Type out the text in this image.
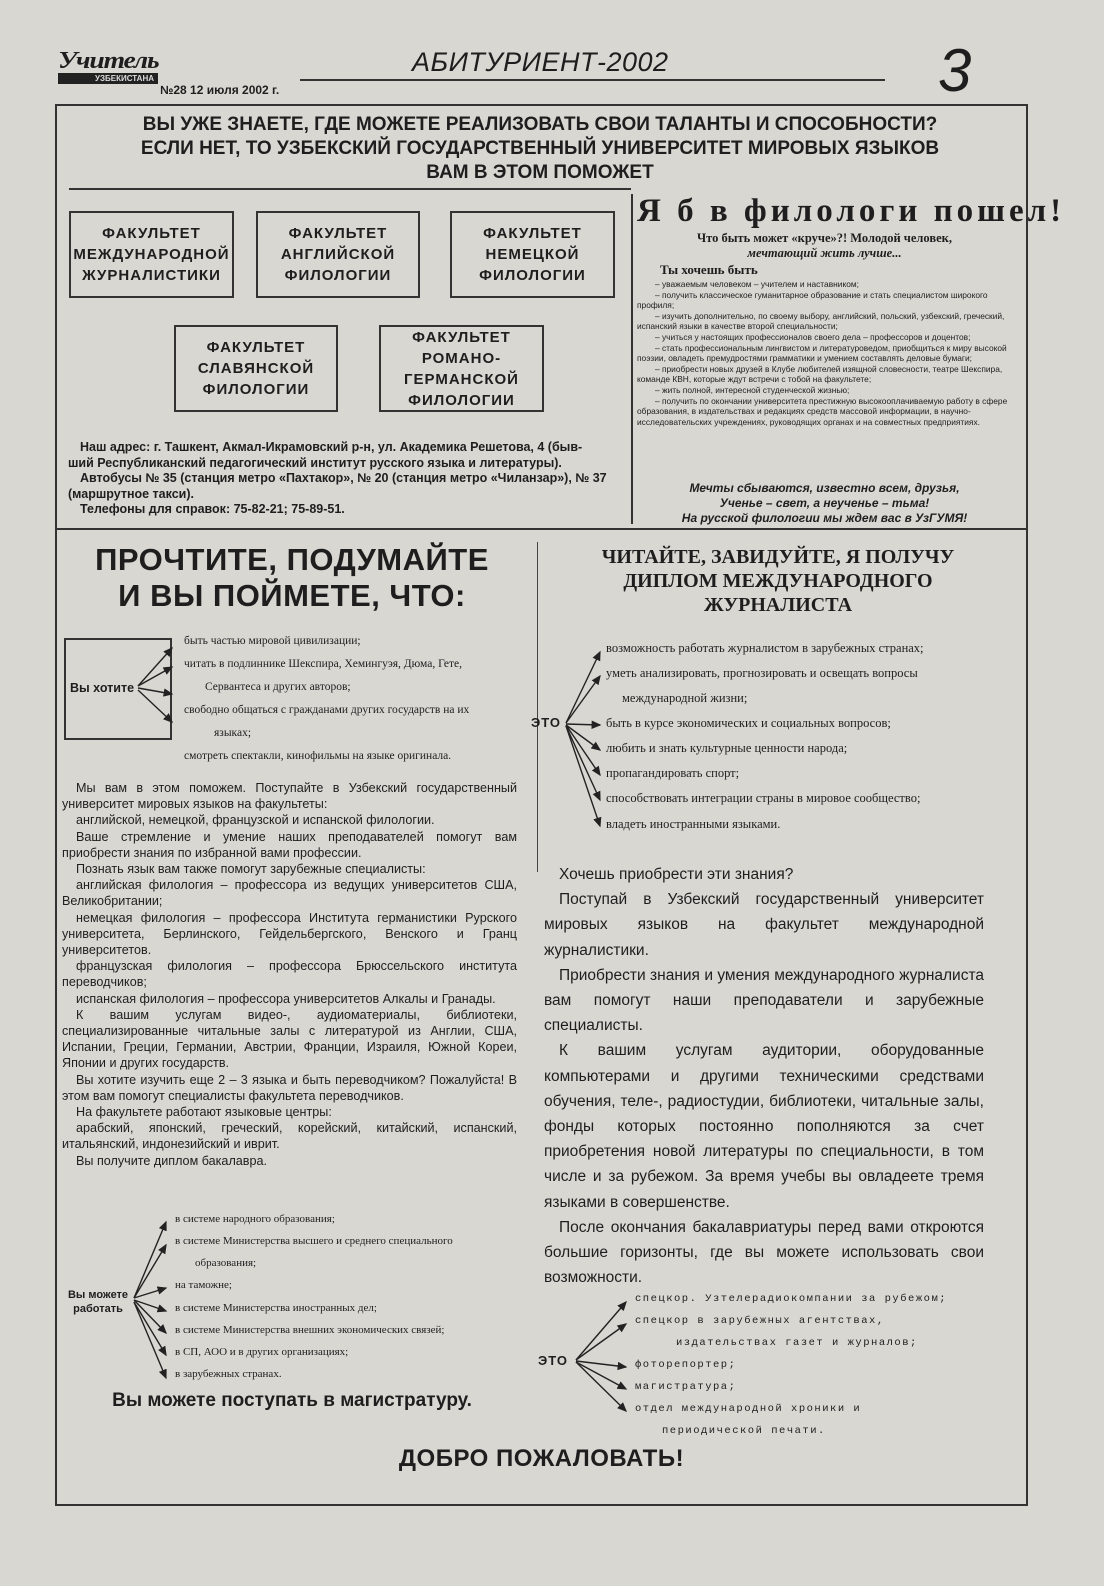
Учитель
УЗБЕКИСТАНА
№28 12 июля 2002 г.
АБИТУРИЕНТ-2002	3
ВЫ УЖЕ ЗНАЕТЕ, ГДЕ МОЖЕТЕ РЕАЛИЗОВАТЬ СВОИ ТАЛАНТЫ И СПОСОБНОСТИ?
ЕСЛИ НЕТ, ТО УЗБЕКСКИЙ ГОСУДАРСТВЕННЫЙ УНИВЕРСИТЕТ МИРОВЫХ ЯЗЫКОВ
ВАМ В ЭТОМ ПОМОЖЕТ
ФАКУЛЬТЕТ
МЕЖДУНАРОДНОЙ
ЖУРНАЛИСТИКИ
ФАКУЛЬТЕТ
АНГЛИЙСКОЙ
ФИЛОЛОГИИ
ФАКУЛЬТЕТ
НЕМЕЦКОЙ
ФИЛОЛОГИИ
ФАКУЛЬТЕТ
СЛАВЯНСКОЙ
ФИЛОЛОГИИ
ФАКУЛЬТЕТ
РОМАНО-
ГЕРМАНСКОЙ
ФИЛОЛОГИИ

Наш адрес: г. Ташкент, Акмал-Икрамовский р-н, ул. Академика Решетова, 4 (быв-

ший Республиканский педагогический институт русского языка и литературы).

Автобусы № 35 (станция метро «Пахтакор», № 20 (станция метро «Чиланзар»), № 37

(маршрутное такси).

Телефоны для справок: 75-82-21; 75-89-51.

Я б в филологи пошел!
Что быть может «круче»?! Молодой человек,
мечтающий жить лучше...
Ты хочешь быть

– уважаемым человеком – учителем и наставником;

– получить классическое гуманитарное образование и стать специалистом широкого профиля;

– изучить дополнительно, по своему выбору, английский, польский, узбекский, греческий, испанский языки в качестве второй специальности;

– учиться у настоящих профессионалов своего дела – профессоров и доцентов;

– стать профессиональным лингвистом и литературоведом, приобщиться к миру высокой поэзии, овладеть премудростями грамматики и умением составлять деловые бумаги;

– приобрести новых друзей в Клубе любителей изящной словесности, театре Шекспира, команде КВН, которые ждут встречи с тобой на факультете;

– жить полной, интересной студенческой жизнью;

– получить по окончании университета престижную высокооплачиваемую работу в сфере образования, в издательствах и редакциях средств массовой информации, в научно-исследовательских учреждениях, руководящих органах и на совместных предприятиях.

Мечты сбываются, известно всем, друзья,
Ученье – свет, а неученье – тьма!
На русской филологии мы ждем вас в УзГУМЯ!
ПРОЧТИТЕ, ПОДУМАЙТЕ
И ВЫ ПОЙМЕТЕ, ЧТО:
Вы хотите
быть частью мировой цивилизации;
читать в подлиннике Шекспира, Хемингуэя, Дюма, Гете,
Сервантеса и других авторов;
свободно общаться с гражданами других государств на их
языках;
смотреть спектакли, кинофильмы на языке оригинала.

Мы вам в этом поможем. Поступайте в Узбекский государственный университет мировых языков на факультеты:

английской, немецкой, французской и испанской филологии.

Ваше стремление и умение наших преподавателей помогут вам приобрести знания по избранной вами профессии.

Познать язык вам также помогут зарубежные специалисты:

английская филология – профессора из ведущих университетов США, Великобритании;

немецкая филология – профессора Института германистики Рурского университета, Берлинского, Гейдельбергского, Венского и Гранц университетов.

французская филология – профессора Брюссельского института переводчиков;

испанская филология – профессора университетов Алкалы и Гранады.

К вашим услугам видео-, аудиоматериалы, библиотеки, специализированные читальные залы с литературой из Англии, США, Испании, Греции, Германии, Австрии, Франции, Израиля, Южной Кореи, Японии и других государств.

Вы хотите изучить еще 2 – 3 языка и быть переводчиком? Пожалуйста! В этом вам помогут специалисты факультета переводчиков.

На факультете работают языковые центры:

арабский, японский, греческий, корейский, китайский, испанский, итальянский, индонезийский и иврит.

Вы получите диплом бакалавра.

Вы можете
работать
в системе народного образования;
в системе Министерства высшего и среднего специального
образования;
на таможне;
в системе Министерства иностранных дел;
в системе Министерства внешних экономических связей;
в СП, АОО и в других организациях;
в зарубежных странах.
Вы можете поступать в магистратуру.
ЧИТАЙТЕ, ЗАВИДУЙТЕ, Я ПОЛУЧУ
ДИПЛОМ МЕЖДУНАРОДНОГО
ЖУРНАЛИСТА
ЭТО
возможность работать журналистом в зарубежных странах;
уметь анализировать, прогнозировать и освещать вопросы
международной жизни;
быть в курсе экономических и социальных вопросов;
любить и знать культурные ценности народа;
пропагандировать спорт;
способствовать интеграции страны в мировое сообщество;
владеть иностранными языками.

Хочешь приобрести эти знания?

Поступай в Узбекский государственный университет мировых языков на факультет международной журналистики.

Приобрести знания и умения международного журналиста вам помогут наши преподаватели и зарубежные специалисты.

К вашим услугам аудитории, оборудованные компьютерами и другими техническими средствами обучения, теле-, радиостудии, библиотеки, читальные залы, фонды которых постоянно пополняются за счет приобретения новой литературы по специальности, в том числе и за рубежом. За время учебы вы овладеете тремя языками в совершенстве.

После окончания бакалавриатуры перед вами откроются большие горизонты, где вы можете использовать свои возможности.

ЭТО
спецкор. Узтелерадиокомпании за рубежом;
спецкор в зарубежных агентствах,
издательствах газет и журналов;
фоторепортер;
магистратура;
отдел международной хроники и
периодической печати.
ДОБРО ПОЖАЛОВАТЬ!
